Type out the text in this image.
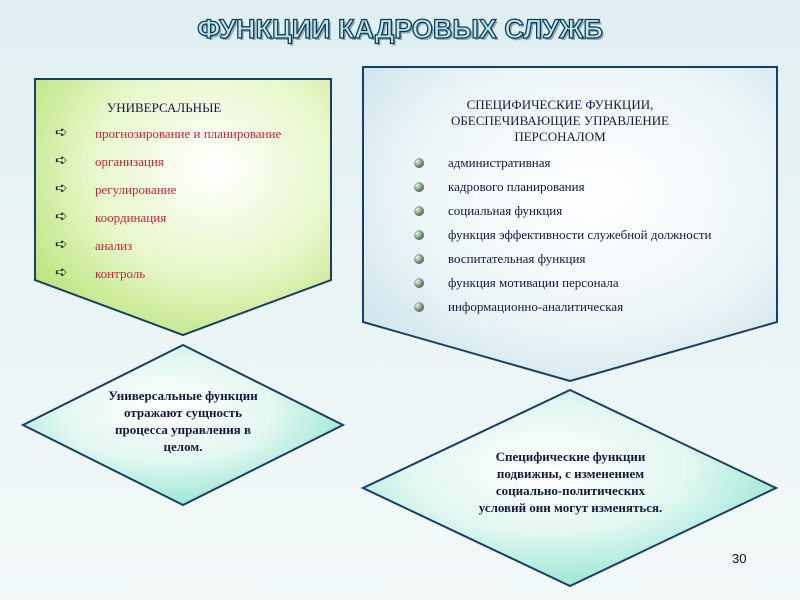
ФУНКЦИИ КАДРОВЫХ СЛУЖБ
УНИВЕРСАЛЬНЫЕ
➪ прогнозирование и планирование
➪ организация
➪ регулирование
➪ координация
➪ анализ
➪ контроль
СПЕЦИФИЧЕСКИЕ ФУНКЦИИ, ОБЕСПЕЧИВАЮЩИЕ УПРАВЛЕНИЕ ПЕРСОНАЛОМ
административная
кадрового планирования
социальная функция
функция эффективности служебной должности
воспитательная функция
функция мотивации персонала
информационно-аналитическая
Универсальные функции отражают сущность процесса управления в целом.
Специфические функции подвижны, с изменением социально-политических условий они могут изменяться.
30
